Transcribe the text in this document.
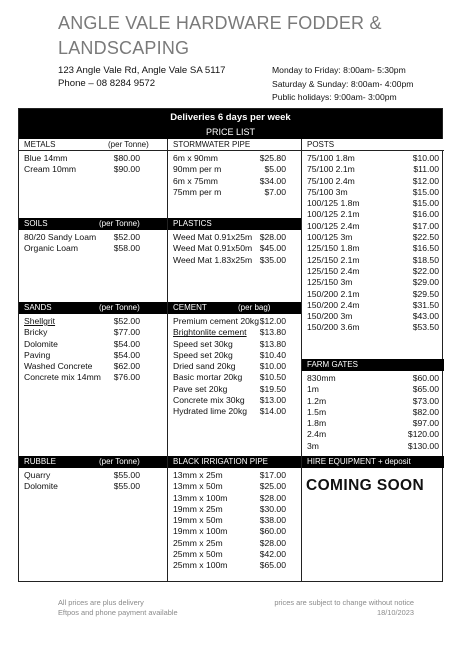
ANGLE VALE HARDWARE FODDER & LANDSCAPING
123 Angle Vale Rd, Angle Vale SA 5117
Phone – 08 8284 9572
Monday to Friday: 8:00am- 5:30pm
Saturday & Sunday: 8:00am- 4:00pm
Public holidays: 9:00am- 3:00pm
Deliveries 6 days per week
PRICE LIST
METALS	(per Tonne)
Blue 14mm	$80.00
Cream 10mm	$90.00
SOILS	(per Tonne)
80/20 Sandy Loam	$52.00
Organic Loam	$58.00
SANDS	(per Tonne)
Shellgrit	$52.00
Bricky	$77.00
Dolomite	$54.00
Paving	$54.00
Washed Concrete	$62.00
Concrete mix 14mm	$76.00
RUBBLE	(per Tonne)
Quarry	$55.00
Dolomite	$55.00
STORMWATER PIPE
6m x 90mm	$25.80
90mm per m	$5.00
6m x 75mm	$34.00
75mm per m	$7.00
PLASTICS
Weed Mat 0.91x25m $28.00
Weed Mat 0.91x50m $45.00
Weed Mat 1.83x25m $35.00
CEMENT	(per bag)
Premium cement 20kg $12.00
Brightonlite cement	$13.80
Speed set 30kg	$13.80
Speed set 20kg	$10.40
Dried sand 20kg	$10.00
Basic mortar 20kg	$10.50
Pave set 20kg	$19.50
Concrete mix 30kg	$13.00
Hydrated lime 20kg	$14.00
BLACK IRRIGATION PIPE
13mm x 25m	$17.00
13mm x 50m	$25.00
13mm x 100m	$28.00
19mm x 25m	$30.00
19mm x 50m	$38.00
19mm x 100m	$60.00
25mm x 25m	$28.00
25mm x 50m	$42.00
25mm x 100m	$65.00
POSTS
75/100 1.8m	$10.00
75/100 2.1m	$11.00
75/100 2.4m	$12.00
75/100 3m	$15.00
100/125 1.8m	$15.00
100/125 2.1m	$16.00
100/125 2.4m	$17.00
100/125 3m	$22.50
125/150 1.8m	$16.50
125/150 2.1m	$18.50
125/150 2.4m	$22.00
125/150 3m	$29.00
150/200 2.1m	$29.50
150/200 2.4m	$31.50
150/200 3m	$43.00
150/200 3.6m	$53.50
FARM GATES
830mm	$60.00
1m	$65.00
1.2m	$73.00
1.5m	$82.00
1.8m	$97.00
2.4m	$120.00
3m	$130.00
HIRE EQUIPMENT + deposit
COMING SOON
All prices are plus delivery
Eftpos and phone payment available
prices are subject to change without notice
18/10/2023
